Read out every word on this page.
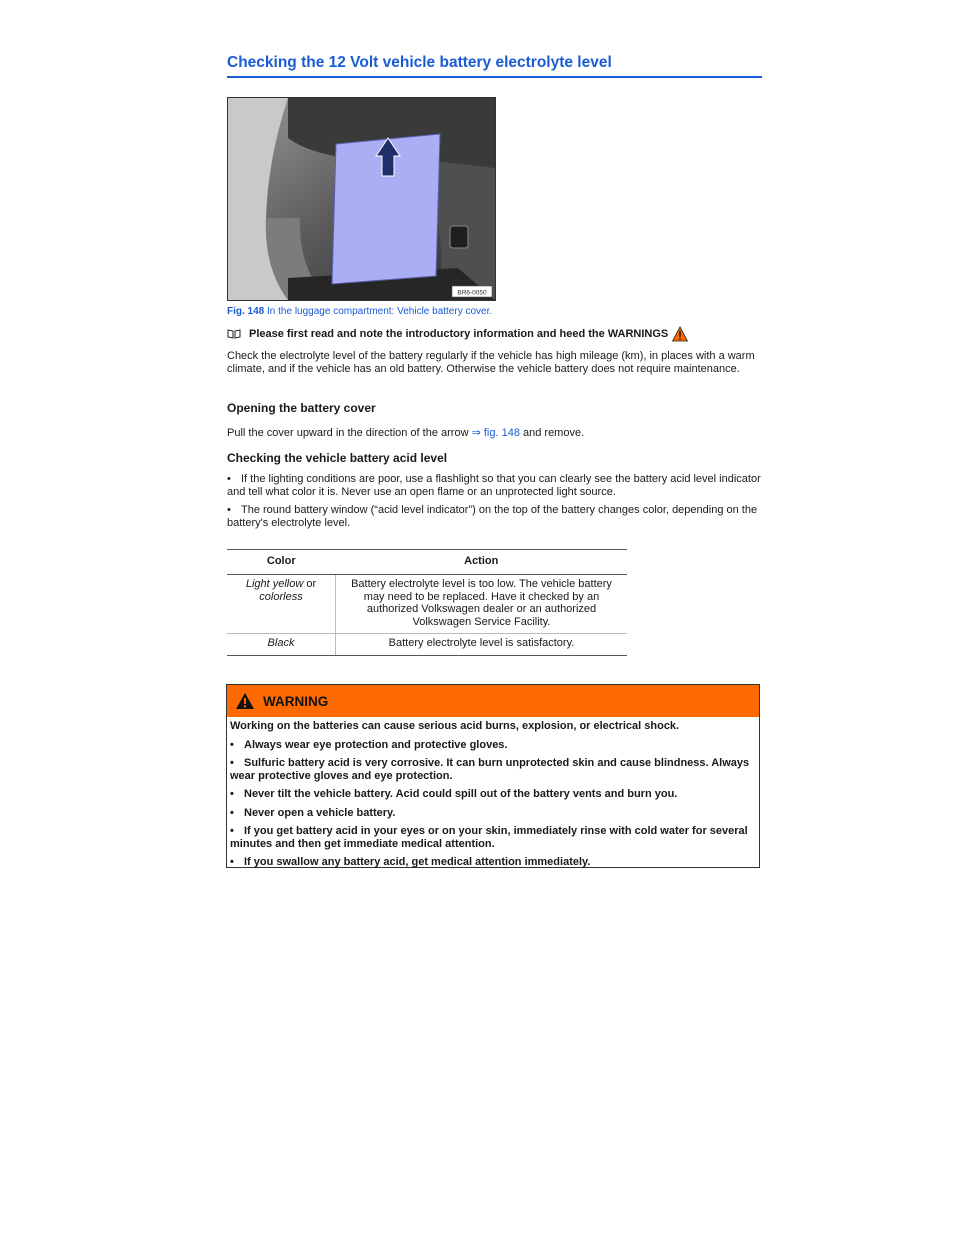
Checking the 12 Volt vehicle battery electrolyte level
BR6-0050
Fig. 148 In the luggage compartment: Vehicle battery cover.
Please first read and note the introductory information and heed the WARNINGS
Check the electrolyte level of the battery regularly if the vehicle has high mileage (km), in places with a warm climate, and if the vehicle has an old battery. Otherwise the vehicle battery does not require maintenance.
Opening the battery cover
Pull the cover upward in the direction of the arrow ⇒ fig. 148 and remove.
Checking the vehicle battery acid level
• If the lighting conditions are poor, use a flashlight so that you can clearly see the battery acid level indicator and tell what color it is. Never use an open flame or an unprotected light source.
• The round battery window (“acid level indicator”) on the top of the battery changes color, depending on the battery's electrolyte level.
Color	Action
Light yellow or
colorless	Battery electrolyte level is too low. The vehicle battery may need to be replaced. Have it checked by an authorized Volkswagen dealer or an authorized Volkswagen Service Facility.
Black	Battery electrolyte level is satisfactory.
WARNING

Working on the batteries can cause serious acid burns, explosion, or electrical shock.

• Always wear eye protection and protective gloves.

• Sulfuric battery acid is very corrosive. It can burn unprotected skin and cause blindness. Always wear protective gloves and eye protection.

• Never tilt the vehicle battery. Acid could spill out of the battery vents and burn you.

• Never open a vehicle battery.

• If you get battery acid in your eyes or on your skin, immediately rinse with cold water for several minutes and then get immediate medical attention.

• If you swallow any battery acid, get medical attention immediately.
